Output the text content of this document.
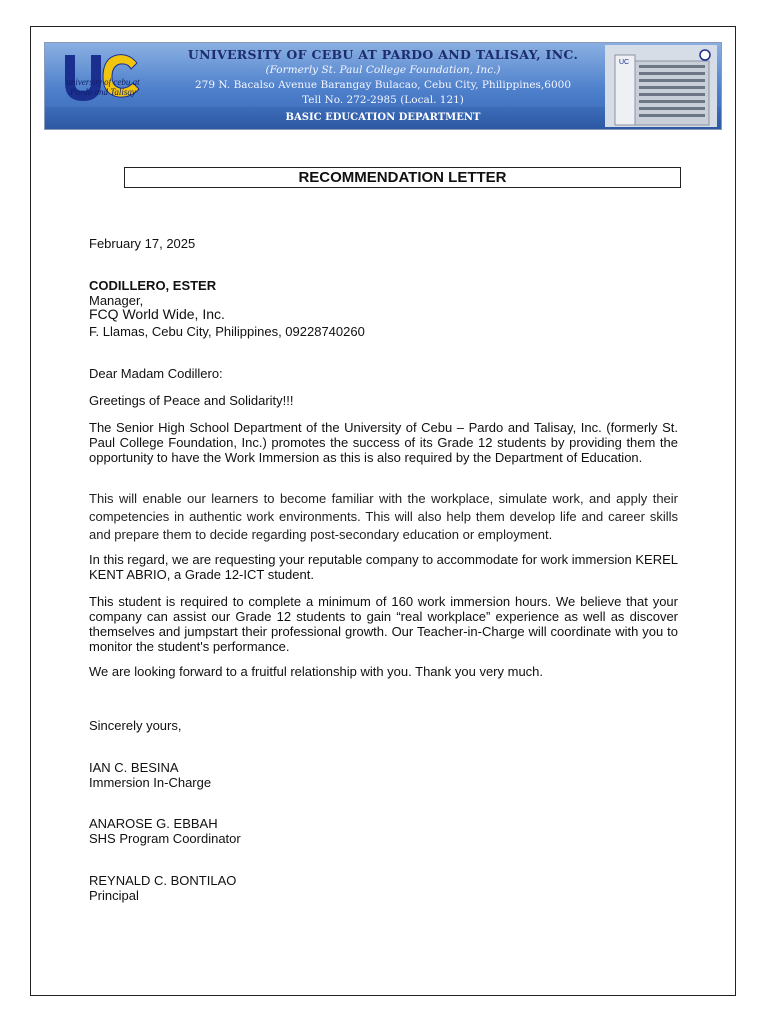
university of cebu at Pardo and Talisay
UNIVERSITY OF CEBU AT PARDO AND TALISAY, INC.
(Formerly St. Paul College Foundation, Inc.)
279 N. Bacalso Avenue Barangay Bulacao, Cebu City, Philippines,6000
Tell No. 272-2985 (Local. 121)
BASIC EDUCATION DEPARTMENT
UC
RECOMMENDATION LETTER
February 17, 2025
CODILLERO, ESTER
Manager,
FCQ World Wide, Inc.
F. Llamas, Cebu City, Philippines, 09228740260
Dear Madam Codillero:
Greetings of Peace and Solidarity!!!
The Senior High School Department of the University of Cebu – Pardo and Talisay, Inc. (formerly St. Paul College Foundation, Inc.) promotes the success of its Grade 12 students by providing them the opportunity to have the Work Immersion as this is also required by the Department of Education.
This will enable our learners to become familiar with the workplace, simulate work, and apply their competencies in authentic work environments. This will also help them develop life and career skills and prepare them to decide regarding post-secondary education or employment.
In this regard, we are requesting your reputable company to accommodate for work immersion KEREL KENT ABRIO, a Grade 12-ICT student.
This student is required to complete a minimum of 160 work immersion hours. We believe that your company can assist our Grade 12 students to gain “real workplace” experience as well as discover themselves and jumpstart their professional growth. Our Teacher-in-Charge will coordinate with you to monitor the student's performance.
We are looking forward to a fruitful relationship with you. Thank you very much.
Sincerely yours,
IAN C. BESINA
Immersion In-Charge
ANAROSE G. EBBAH
SHS Program Coordinator
REYNALD C. BONTILAO
Principal
